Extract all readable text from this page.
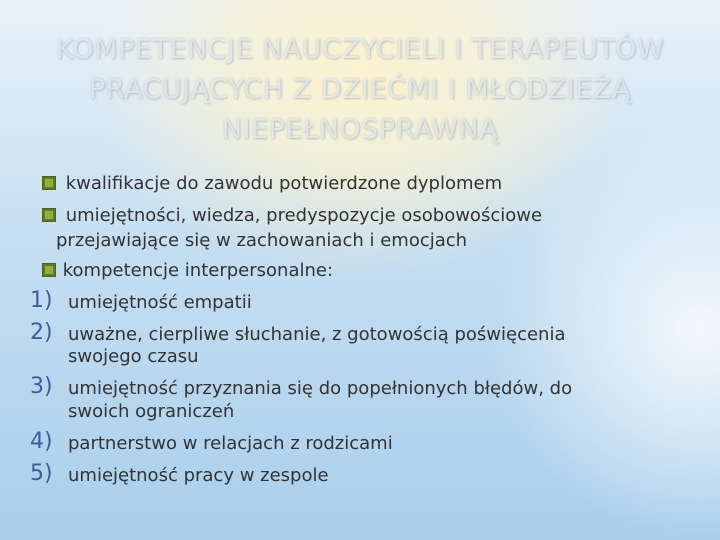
KOMPETENCJE NAUCZYCIELI I TERAPEUTÓW
PRACUJĄCYCH Z DZIEĆMI I MŁODZIEŻĄ
NIEPEŁNOSPRAWNĄ
kwalifikacje do zawodu potwierdzone dyplomem
umiejętności, wiedza, predyspozycje osobowościowe
przejawiające się w zachowaniach i emocjach
kompetencje interpersonalne:
1) umiejętność empatii
2) uważne, cierpliwe słuchanie, z gotowością poświęcenia
swojego czasu
3) umiejętność przyznania się do popełnionych błędów, do
swoich ograniczeń
4) partnerstwo w relacjach z rodzicami
5) umiejętność pracy w zespole
